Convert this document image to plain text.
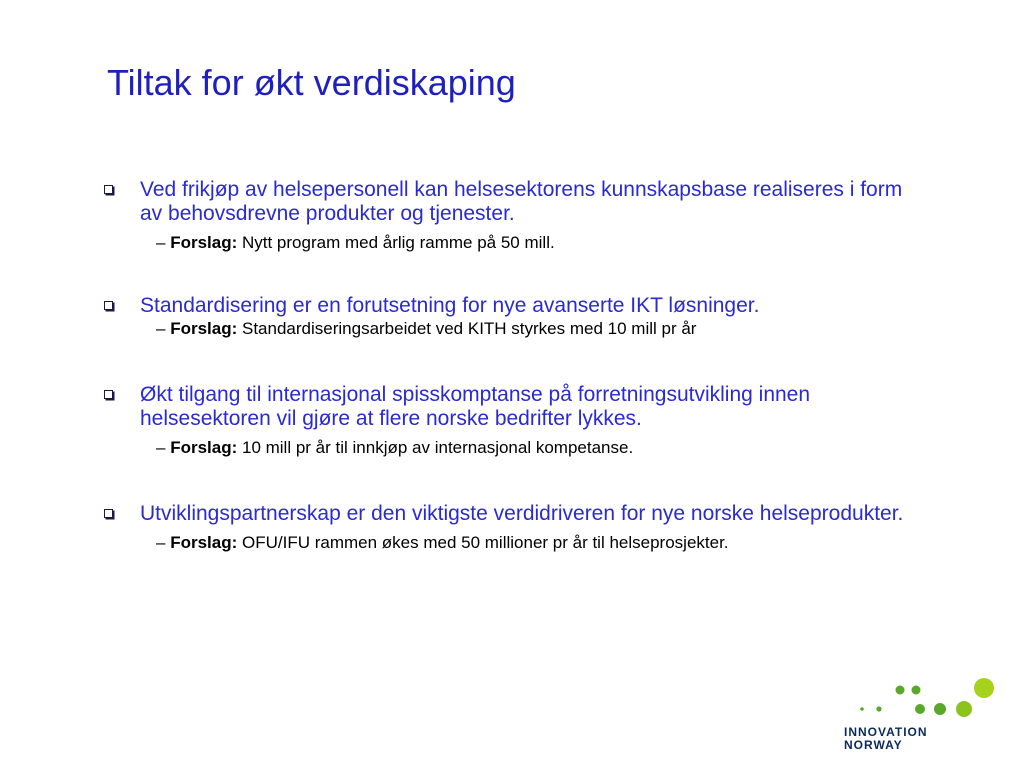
Tiltak for økt verdiskaping
Ved frikjøp av helsepersonell kan helsesektorens kunnskapsbase realiseres i form av behovsdrevne produkter og tjenester.
– Forslag: Nytt program med årlig ramme på 50 mill.
Standardisering er en forutsetning for nye avanserte IKT løsninger.
– Forslag: Standardiseringsarbeidet ved KITH styrkes med 10 mill pr år
Økt tilgang til internasjonal spisskomptanse på forretningsutvikling innen helsesektoren vil gjøre at flere norske bedrifter lykkes.
– Forslag: 10 mill pr år til innkjøp av internasjonal kompetanse.
Utviklingspartnerskap er den viktigste verdidriveren for nye norske helseprodukter.
– Forslag: OFU/IFU rammen økes med 50 millioner pr år til helseprosjekter.
INNOVATION
NORWAY
